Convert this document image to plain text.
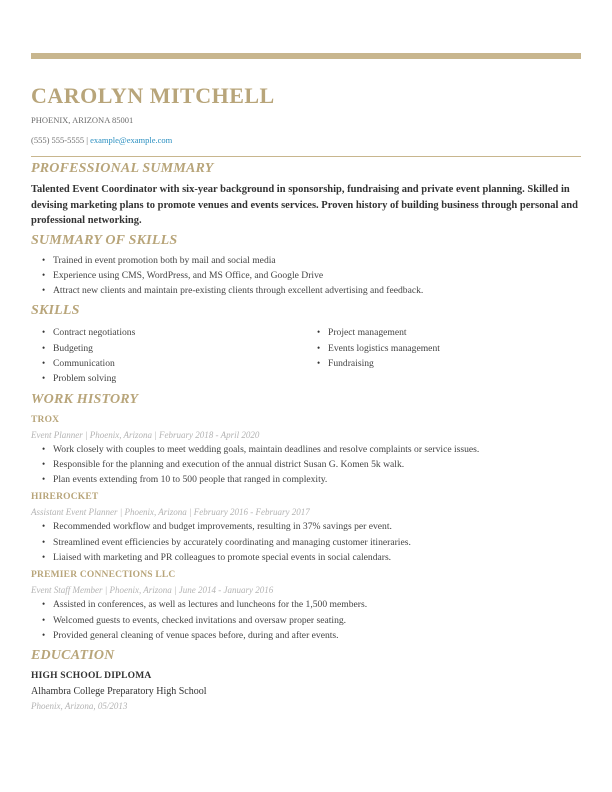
CAROLYN MITCHELL
PHOENIX, ARIZONA 85001
(555) 555-5555 | example@example.com
PROFESSIONAL SUMMARY

Talented Event Coordinator with six-year background in sponsorship, fundraising and private event planning. Skilled in devising marketing plans to promote venues and events services. Proven history of building business through personal and professional networking.

SUMMARY OF SKILLS
• Trained in event promotion both by mail and social media
• Experience using CMS, WordPress, and MS Office, and Google Drive
• Attract new clients and maintain pre-existing clients through excellent advertising and feedback.
SKILLS
• Contract negotiations
• Budgeting
• Communication
• Problem solving
• Project management
• Events logistics management
• Fundraising
WORK HISTORY
TROX
Event Planner | Phoenix, Arizona | February 2018 - April 2020
• Work closely with couples to meet wedding goals, maintain deadlines and resolve complaints or service issues.
• Responsible for the planning and execution of the annual district Susan G. Komen 5k walk.
• Plan events extending from 10 to 500 people that ranged in complexity.
HIREROCKET
Assistant Event Planner | Phoenix, Arizona | February 2016 - February 2017
• Recommended workflow and budget improvements, resulting in 37% savings per event.
• Streamlined event efficiencies by accurately coordinating and managing customer itineraries.
• Liaised with marketing and PR colleagues to promote special events in social calendars.
PREMIER CONNECTIONS LLC
Event Staff Member | Phoenix, Arizona | June 2014 - January 2016
• Assisted in conferences, as well as lectures and luncheons for the 1,500 members.
• Welcomed guests to events, checked invitations and oversaw proper seating.
• Provided general cleaning of venue spaces before, during and after events.
EDUCATION
HIGH SCHOOL DIPLOMA
Alhambra College Preparatory High School
Phoenix, Arizona, 05/2013
